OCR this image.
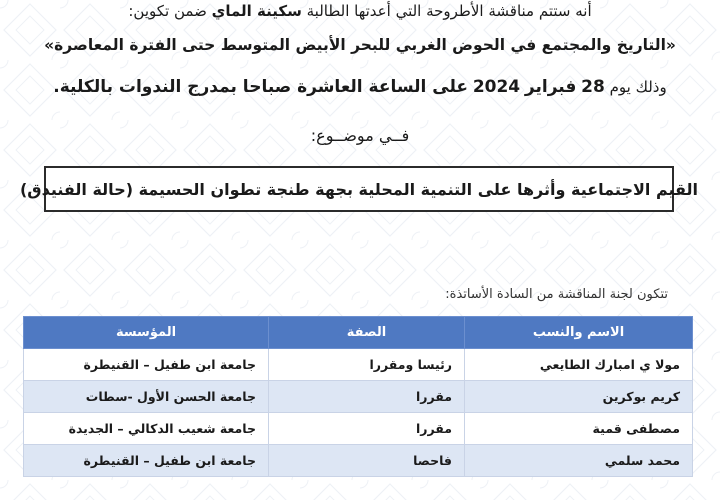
أنه ستتم مناقشة الأطروحة التي أعدتها الطالبة سكينة الماي ضمن تكوين:
«التاريخ والمجتمع في الحوض الغربي للبحر الأبيض المتوسط حتى الفترة المعاصرة»
وذلك يوم 28 فبراير 2024 على الساعة العاشرة صباحا بمدرج الندوات بالكلية.
فــي موضــوع:
القيم الاجتماعية وأثرها على التنمية المحلية بجهة طنجة تطوان الحسيمة (حالة الفنيدق)
تتكون لجنة المناقشة من السادة الأساتذة:
الاسم والنسب	الصفة	المؤسسة
مولا ي امبارك الطايعي	رئيسا ومقررا	جامعة ابن طفيل – القنيطرة
كريم بوكرين	مقررا	جامعة الحسن الأول -سطات
مصطفى قمية	مقررا	جامعة شعيب الدكالي – الجديدة
محمد سلمي	فاحصا	جامعة ابن طفيل – القنيطرة
